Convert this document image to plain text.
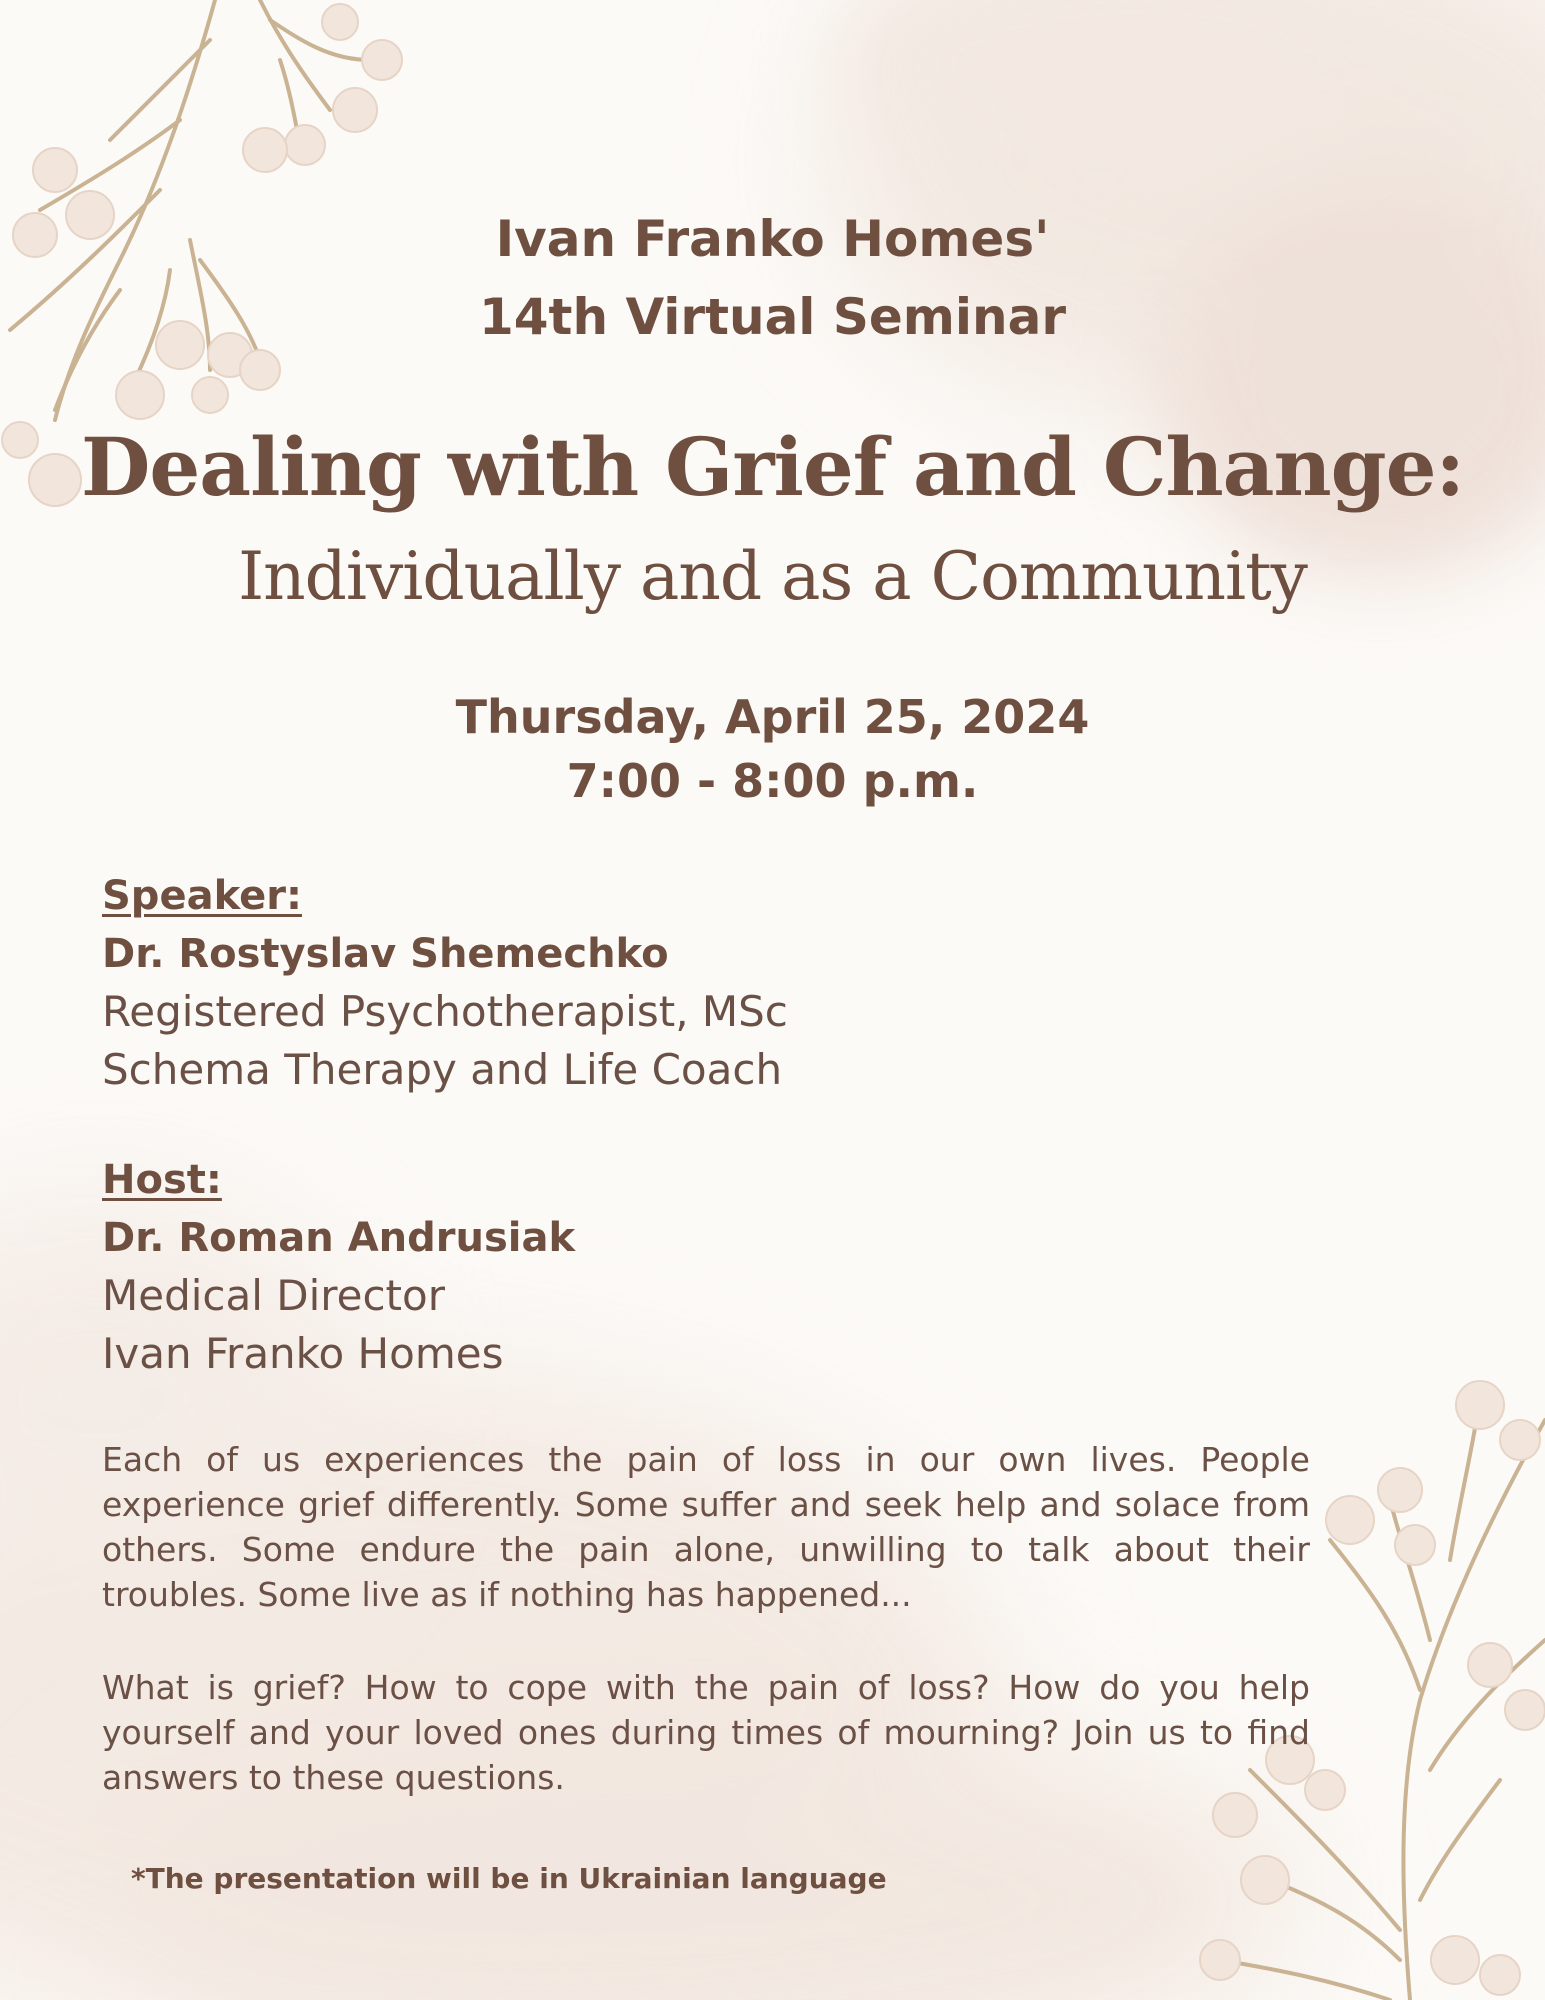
Ivan Franko Homes'
14th Virtual Seminar
Dealing with Grief and Change:
Individually and as a Community
Thursday, April 25, 2024
7:00 - 8:00 p.m.
Speaker:
Dr. Rostyslav Shemechko
Registered Psychotherapist, MSc
Schema Therapy and Life Coach
Host:
Dr. Roman Andrusiak
Medical Director
Ivan Franko Homes
Each of us experiences the pain of loss in our own lives. People experience grief differently. Some suffer and seek help and solace from others. Some endure the pain alone, unwilling to talk about their troubles. Some live as if nothing has happened...
What is grief? How to cope with the pain of loss? How do you help yourself and your loved ones during times of mourning? Join us to find answers to these questions.
*The presentation will be in Ukrainian language
